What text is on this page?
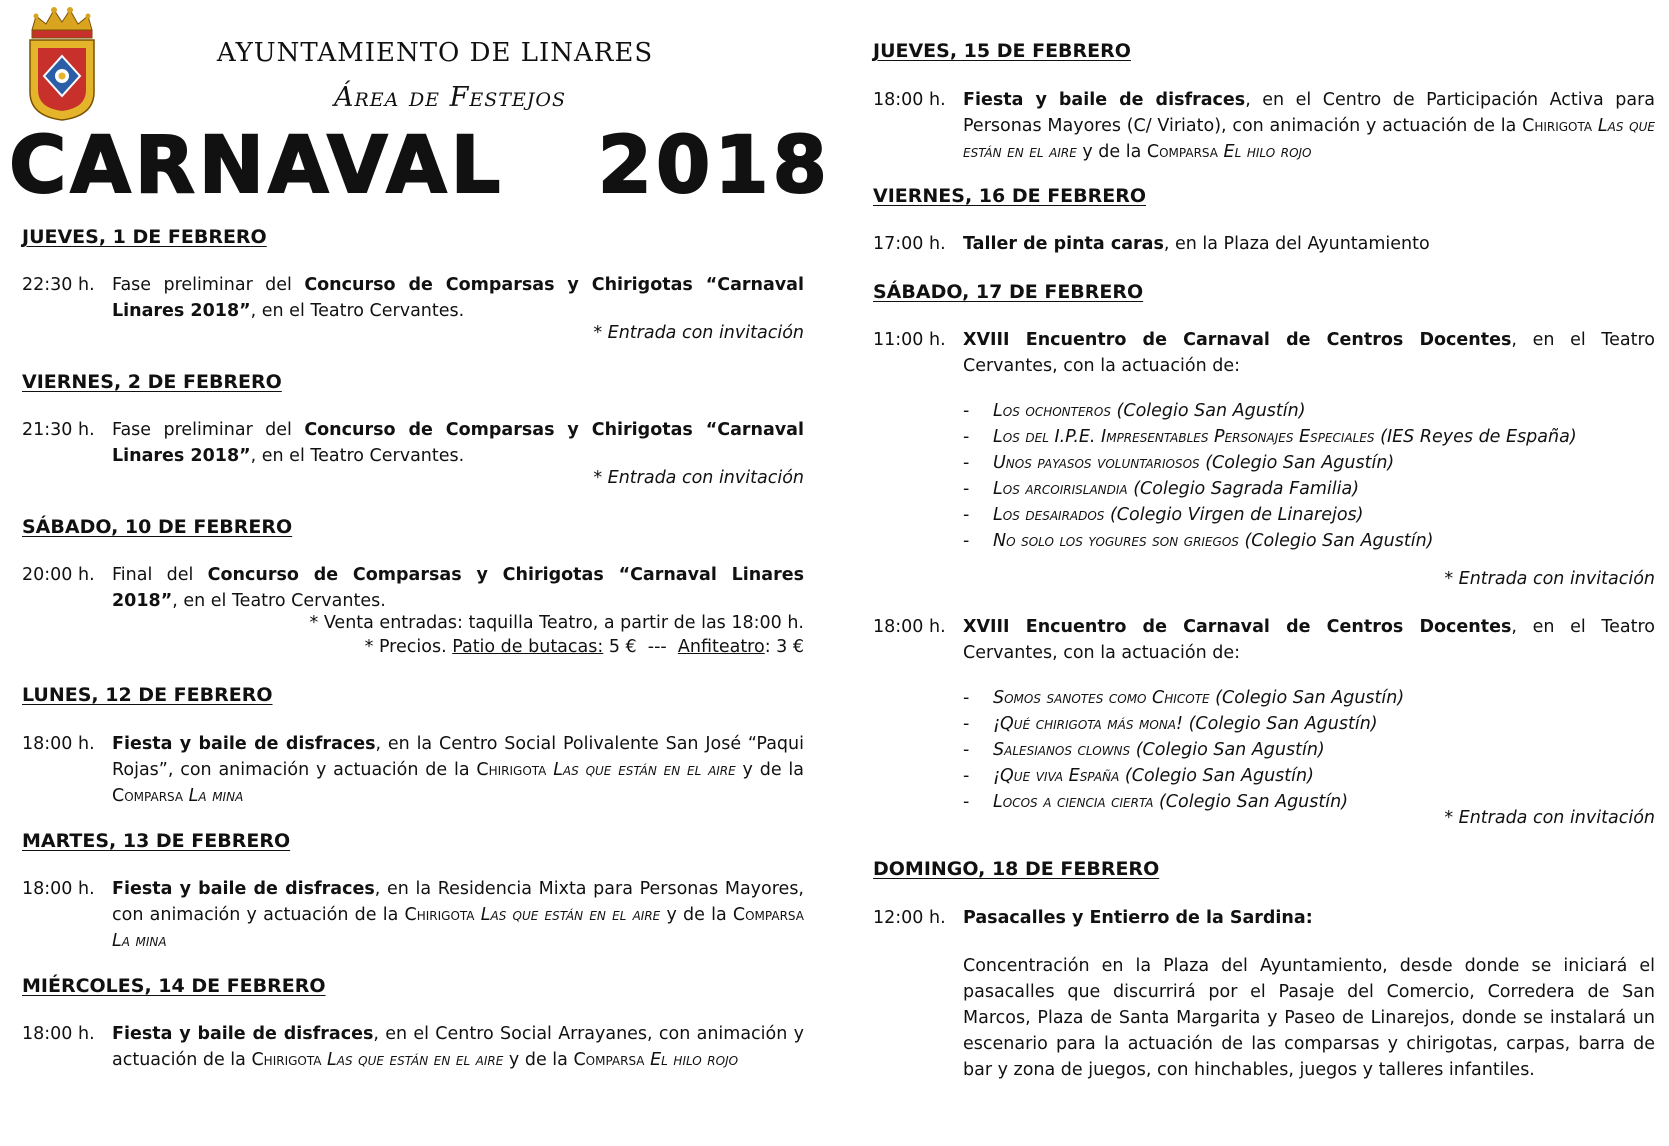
AYUNTAMIENTO DE LINARES
Área de Festejos
CARNAVAL   2018
JUEVES, 1 DE FEBRERO
22:30 h. Fase preliminar del Concurso de Comparsas y Chirigotas “Carnaval Linares 2018”, en el Teatro Cervantes.
* Entrada con invitación
VIERNES, 2 DE FEBRERO
21:30 h. Fase preliminar del Concurso de Comparsas y Chirigotas “Carnaval Linares 2018”, en el Teatro Cervantes.
* Entrada con invitación
SÁBADO, 10 DE FEBRERO
20:00 h. Final del Concurso de Comparsas y Chirigotas “Carnaval Linares 2018”, en el Teatro Cervantes.
* Venta entradas: taquilla Teatro, a partir de las 18:00 h.
* Precios. Patio de butacas: 5 €  ---  Anfiteatro: 3 €
LUNES, 12 DE FEBRERO
18:00 h. Fiesta y baile de disfraces, en la Centro Social Polivalente San José “Paqui Rojas”, con animación y actuación de la Chirigota Las que están en el aire y de la Comparsa La mina
MARTES, 13 DE FEBRERO
18:00 h. Fiesta y baile de disfraces, en la Residencia Mixta para Personas Mayores, con animación y actuación de la Chirigota Las que están en el aire y de la Comparsa La mina
MIÉRCOLES, 14 DE FEBRERO
18:00 h. Fiesta y baile de disfraces, en el Centro Social Arrayanes, con animación y actuación de la Chirigota Las que están en el aire y de la Comparsa El hilo rojo
JUEVES, 15 DE FEBRERO
18:00 h. Fiesta y baile de disfraces, en el Centro de Participación Activa para Personas Mayores (C/ Viriato), con animación y actuación de la Chirigota Las que están en el aire y de la Comparsa El hilo rojo
VIERNES, 16 DE FEBRERO
17:00 h. Taller de pinta caras, en la Plaza del Ayuntamiento
SÁBADO, 17 DE FEBRERO
11:00 h. XVIII Encuentro de Carnaval de Centros Docentes, en el Teatro Cervantes, con la actuación de:
- Los ochonteros (Colegio San Agustín)
- Los del I.P.E. Impresentables Personajes Especiales (IES Reyes de España)
- Unos payasos voluntariosos (Colegio San Agustín)
- Los arcoirislandia (Colegio Sagrada Familia)
- Los desairados (Colegio Virgen de Linarejos)
- No solo los yogures son griegos (Colegio San Agustín)
* Entrada con invitación
18:00 h. XVIII Encuentro de Carnaval de Centros Docentes, en el Teatro Cervantes, con la actuación de:
- Somos sanotes como Chicote (Colegio San Agustín)
- ¡Qué chirigota más mona! (Colegio San Agustín)
- Salesianos clowns (Colegio San Agustín)
- ¡Que viva España (Colegio San Agustín)
- Locos a ciencia cierta (Colegio San Agustín)
* Entrada con invitación
DOMINGO, 18 DE FEBRERO
12:00 h. Pasacalles y Entierro de la Sardina:
Concentración en la Plaza del Ayuntamiento, desde donde se iniciará el pasacalles que discurrirá por el Pasaje del Comercio, Corredera de San Marcos, Plaza de Santa Margarita y Paseo de Linarejos, donde se instalará un escenario para la actuación de las comparsas y chirigotas, carpas, barra de bar y zona de juegos, con hinchables, juegos y talleres infantiles.
